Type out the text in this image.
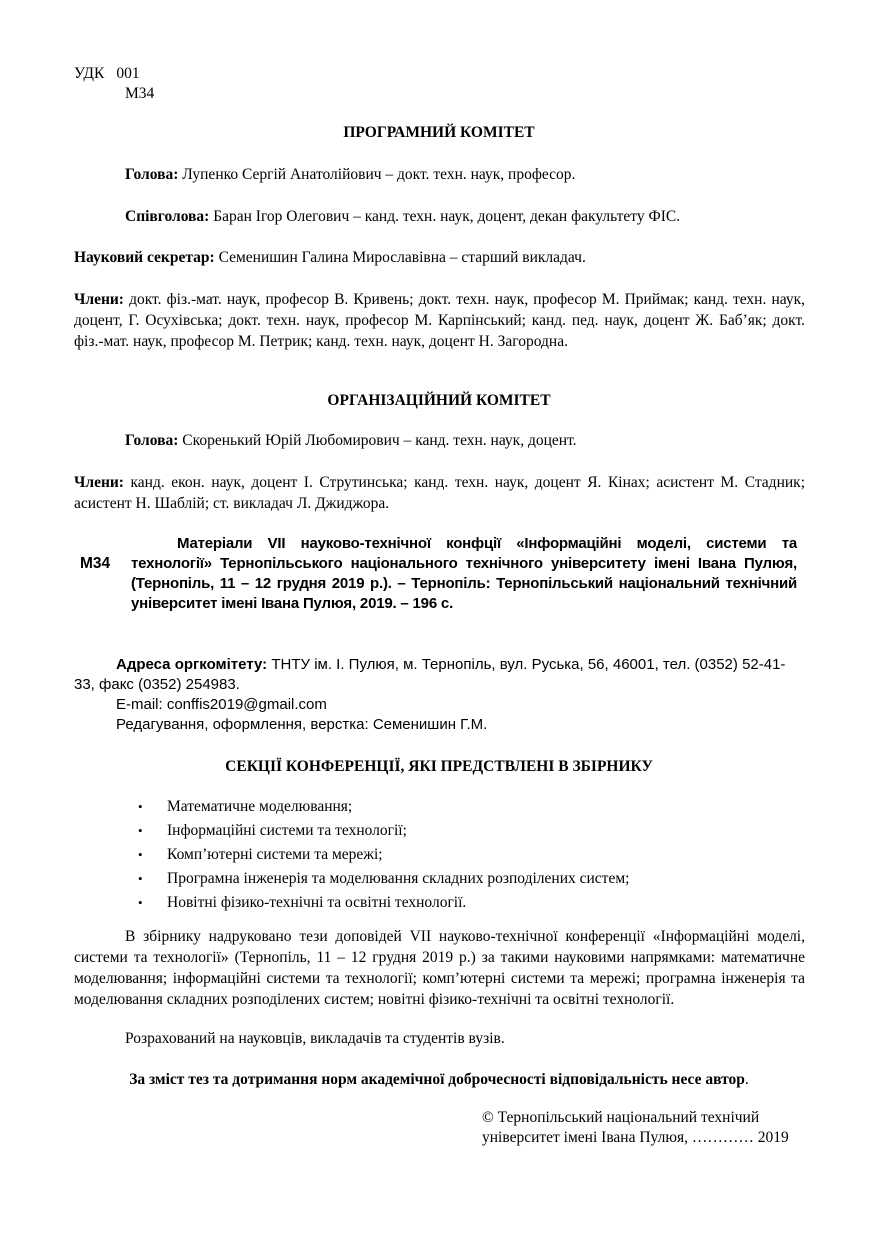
УДК 001
М34
ПРОГРАМНИЙ КОМІТЕТ
Голова: Лупенко Сергій Анатолійович – докт. техн. наук, професор.
Співголова: Баран Ігор Олегович – канд. техн. наук, доцент, декан факультету ФІС.
Науковий секретар: Семенишин Галина Мирославівна – старший викладач.
Члени: докт. фіз.-мат. наук, професор В. Кривень; докт. техн. наук, професор М. Приймак; канд. техн. наук, доцент, Г. Осухівська; докт. техн. наук, професор М. Карпінський; канд. пед. наук, доцент Ж. Баб’як; докт. фіз.-мат. наук, професор М. Петрик; канд. техн. наук, доцент Н. Загородна.
ОРГАНІЗАЦІЙНИЙ КОМІТЕТ
Голова: Скоренький Юрій Любомирович – канд. техн. наук, доцент.
Члени: канд. екон. наук, доцент І. Струтинська; канд. техн. наук, доцент Я. Кінах; асистент М. Стадник; асистент Н. Шаблій; ст. викладач Л. Джиджора.
М34
Матеріали VII науково-технічної конфції «Інформаційні моделі, системи та технології» Тернопільського національного технічного університету імені Івана Пулюя, (Тернопіль, 11 – 12 грудня 2019 р.). – Тернопіль: Тернопільський національний технічний університет імені Івана Пулюя, 2019. – 196 с.
Адреса оргкомітету: ТНТУ ім. І. Пулюя, м. Тернопіль, вул. Руська, 56, 46001, тел. (0352) 52-41-33, факс (0352) 254983.
E-mail: conffis2019@gmail.com
Редагування, оформлення, верстка: Семенишин Г.М.
СЕКЦІЇ КОНФЕРЕНЦІЇ, ЯКІ ПРЕДСТВЛЕНІ В ЗБІРНИКУ
• Математичне моделювання;
• Інформаційні системи та технології;
• Комп’ютерні системи та мережі;
• Програмна інженерія та моделювання складних розподілених систем;
• Новітні фізико-технічні та освітні технології.
В збірнику надруковано тези доповідей VII науково-технічної конференції «Інформаційні моделі, системи та технології» (Тернопіль, 11 – 12 грудня 2019 р.) за такими науковими напрямками: математичне моделювання; інформаційні системи та технології; комп’ютерні системи та мережі; програмна інженерія та моделювання складних розподілених систем; новітні фізико-технічні та освітні технології.
Розрахований на науковців, викладачів та студентів вузів.
За зміст тез та дотримання норм академічної доброчесності відповідальність несе автор.
© Тернопільський національний технічий
університет імені Івана Пулюя, ………… 2019
